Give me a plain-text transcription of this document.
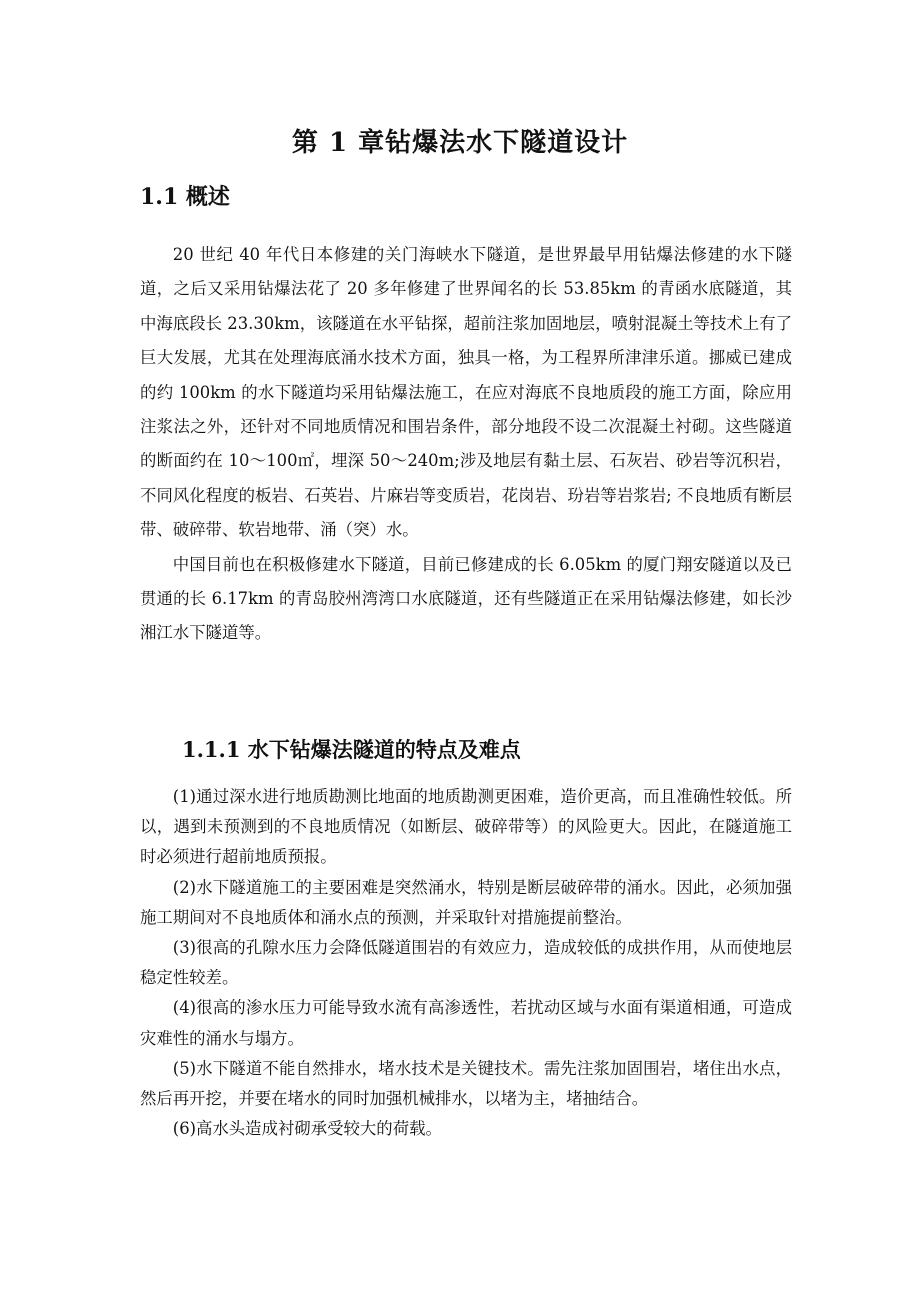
第 1 章钻爆法水下隧道设计
1.1 概述

20 世纪 40 年代日本修建的关门海峡水下隧道，是世界最早用钻爆法修建的水下隧道，之后又采用钻爆法花了 20 多年修建了世界闻名的长 53.85km 的青函水底隧道，其中海底段长 23.30km，该隧道在水平钻探，超前注浆加固地层，喷射混凝土等技术上有了巨大发展，尤其在处理海底涌水技术方面，独具一格，为工程界所津津乐道。挪威已建成的约 100km 的水下隧道均采用钻爆法施工，在应对海底不良地质段的施工方面，除应用注浆法之外，还针对不同地质情况和围岩条件，部分地段不设二次混凝土衬砌。这些隧道的断面约在 10～100㎡，埋深 50～240m;涉及地层有黏土层、石灰岩、砂岩等沉积岩，不同风化程度的板岩、石英岩、片麻岩等变质岩，花岗岩、玢岩等岩浆岩; 不良地质有断层带、破碎带、软岩地带、涌（突）水。

中国目前也在积极修建水下隧道，目前已修建成的长 6.05km 的厦门翔安隧道以及已贯通的长 6.17km 的青岛胶州湾湾口水底隧道，还有些隧道正在采用钻爆法修建，如长沙湘江水下隧道等。

1.1.1 水下钻爆法隧道的特点及难点

(1)通过深水进行地质勘测比地面的地质勘测更困难，造价更高，而且准确性较低。所以，遇到未预测到的不良地质情况（如断层、破碎带等）的风险更大。因此，在隧道施工时必须进行超前地质预报。

(2)水下隧道施工的主要困难是突然涌水，特别是断层破碎带的涌水。因此，必须加强施工期间对不良地质体和涌水点的预测，并采取针对措施提前整治。

(3)很高的孔隙水压力会降低隧道围岩的有效应力，造成较低的成拱作用，从而使地层稳定性较差。

(4)很高的渗水压力可能导致水流有高渗透性，若扰动区域与水面有渠道相通，可造成灾难性的涌水与塌方。

(5)水下隧道不能自然排水，堵水技术是关键技术。需先注浆加固围岩，堵住出水点，然后再开挖，并要在堵水的同时加强机械排水，以堵为主，堵抽结合。

(6)高水头造成衬砌承受较大的荷载。
